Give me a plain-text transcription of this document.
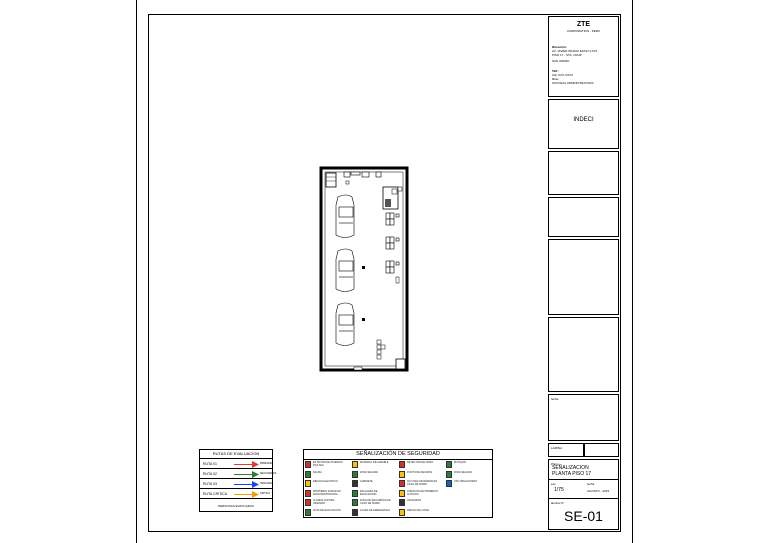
ZTE
CORPORATION - PERU
Dirección:
AV. JAVIER PRADO ESTE N.XXX
PISO 17 - STA. CRUZ
SAN ISIDRO
Telf.:
(01) XXX-XXXX
Uso:
OFICINAS ADMINISTRATIVAS
INDECI
fecha
LAMINA
Plano:
SEÑALIZACION
PLANTA PISO 17
esc.
1/75
fecha
AGOSTO - 2015
lamina N°
SE-01
RUTAS DE EVALUACION
RUTA 01	PRIMARIA
RUTA 02	SECUNDARIA
RUTA 03	TERCIARIA
RUTA CRITICA	CRITICA
PERSONAS EVACUADAS
SEÑALIZACIÓN DE SEGURIDAD
EXTINTOR DE INCENDIO PQS 6KG
SALIDA
RIESGO ELECTRICO
PROHIBIDO FUMAR EN ZONA RESTRINGIDA
ALARMA CONTRA INCENDIO
RUTA DE EVACUACION
MATERIAL INFLAMABLE
ZONA SEGURA
GABINETE
ESCALERA DE EVACUACION
ZONA DE SEGURIDAD EN CASO DE SISMO
LUCES DE EMERGENCIA
DETECTOR DE HUMO
PUNTO DE REUNION
NO USAR ASCENSOR EN CASO DE SISMO
ATENCION DE PRIMEROS AUXILIOS
ASCENSOR
RIESGO DE CAIDA
BOTIQUIN
ZONA SEGURA
USO OBLIGATORIO
